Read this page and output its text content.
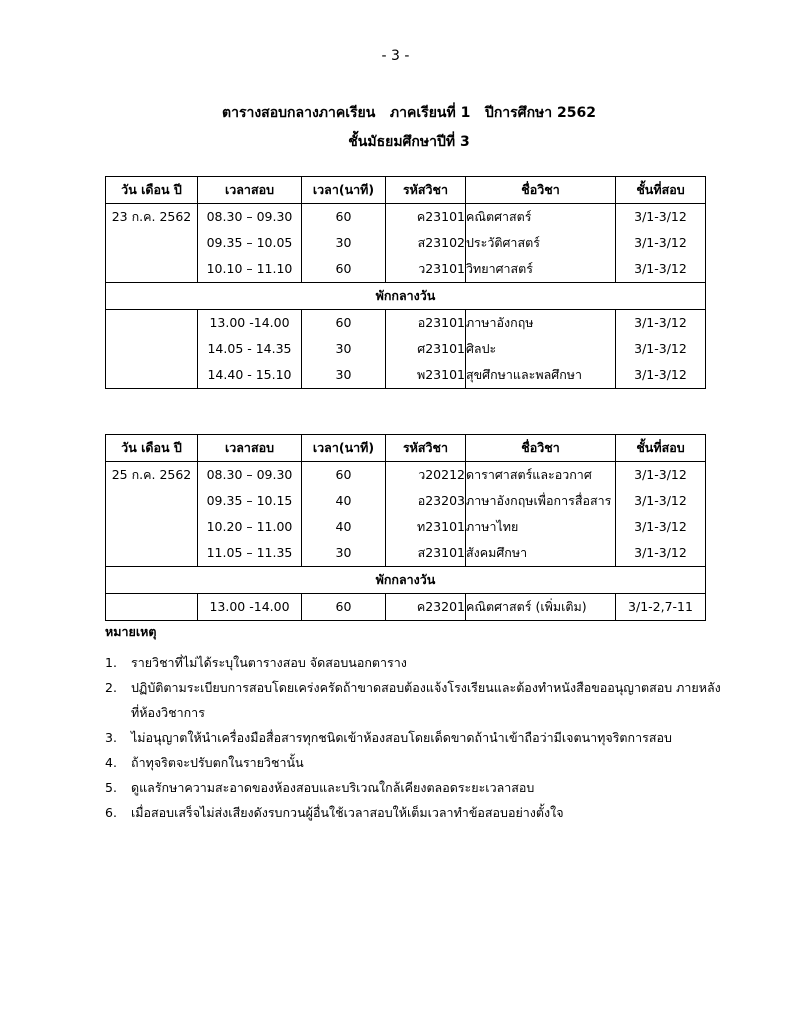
- 3 -
ตารางสอบกลางภาคเรียน   ภาคเรียนที่ 1   ปีการศึกษา 2562
ชั้นมัธยมศึกษาปีที่ 3
วัน เดือน ปี	เวลาสอบ	เวลา(นาที)	รหัสวิชา	ชื่อวิชา	ชั้นที่สอบ
23 ก.ค. 2562	08.30 – 09.30	60	ค23101	คณิตศาสตร์	3/1-3/12
	09.35 – 10.05	30	ส23102	ประวัติศาสตร์	3/1-3/12
	10.10 – 11.10	60	ว23101	วิทยาศาสตร์	3/1-3/12
พักกลางวัน					
	13.00 -14.00	60	อ23101	ภาษาอังกฤษ	3/1-3/12
	14.05 - 14.35	30	ศ23101	ศิลปะ	3/1-3/12
	14.40 - 15.10	30	พ23101	สุขศึกษาและพลศึกษา	3/1-3/12
วัน เดือน ปี	เวลาสอบ	เวลา(นาที)	รหัสวิชา	ชื่อวิชา	ชั้นที่สอบ
25 ก.ค. 2562	08.30 – 09.30	60	ว20212	ดาราศาสตร์และอวกาศ	3/1-3/12
	09.35 – 10.15	40	อ23203	ภาษาอังกฤษเพื่อการสื่อสาร	3/1-3/12
	10.20 – 11.00	40	ท23101	ภาษาไทย	3/1-3/12
	11.05 – 11.35	30	ส23101	สังคมศึกษา	3/1-3/12
พักกลางวัน					
	13.00 -14.00	60	ค23201	คณิตศาสตร์ (เพิ่มเติม)	3/1-2,7-11
หมายเหตุ
1.	รายวิชาที่ไม่ได้ระบุในตารางสอบ จัดสอบนอกตาราง
2.	ปฏิบัติตามระเบียบการสอบโดยเคร่งครัดถ้าขาดสอบต้องแจ้งโรงเรียนและต้องทำหนังสือขออนุญาตสอบ ภายหลังที่ห้องวิชาการ
3.	ไม่อนุญาตให้นำเครื่องมือสื่อสารทุกชนิดเข้าห้องสอบโดยเด็ดขาดถ้านำเข้าถือว่ามีเจตนาทุจริตการสอบ
4.	ถ้าทุจริตจะปรับตกในรายวิชานั้น
5.	ดูแลรักษาความสะอาดของห้องสอบและบริเวณใกล้เคียงตลอดระยะเวลาสอบ
6.	เมื่อสอบเสร็จไม่ส่งเสียงดังรบกวนผู้อื่นใช้เวลาสอบให้เต็มเวลาทำข้อสอบอย่างตั้งใจ
